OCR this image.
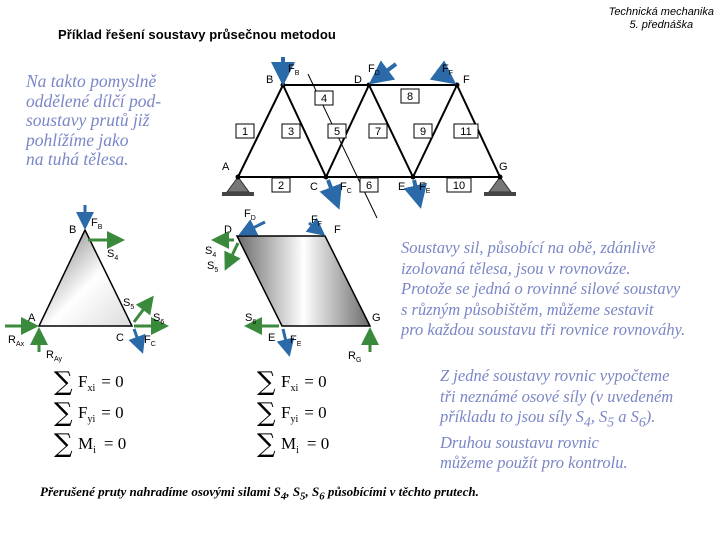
Příklad řešení soustavy průsečnou metodou
Technická mechanika
5. přednáška
Na takto pomyslně
oddělené dílčí pod-
soustavy prutů již
pohlížíme jako
na tuhá tělesa.
1
2
3
4
5
6
7
8
9
10
11
A
B
C
D
E
F
G
$F_B$	$F_D$	$F_F$
$F_C$	$F_E$
B
A
C
$F_B$
$S_4$
$S_5$
$S_6$
$F_C$
$R_{Ax}$
$R_{Ay}$
D	F
E
G
$F_D$	$F_F$
$S_4$
$S_5$
$S_6$
$F_E$
$R_G$
∑ $F_{xi} = 0$
∑ $F_{yi} = 0$
∑ $M_i = 0$
∑ $F_{xi} = 0$
∑ $F_{yi} = 0$
∑ $M_i = 0$
Soustavy sil, působící na obě, zdánlivě
izolovaná tělesa, jsou v rovnováze.
Protože se jedná o rovinné silové soustavy
s různým působištěm, můžeme sestavit
pro každou soustavu tři rovnice rovnováhy.
Z jedné soustavy rovnic vypočteme
tři neznámé osové síly (v uvedeném
příkladu to jsou síly $S_4$, $S_5$ a $S_6$).
Druhou soustavu rovnic
můžeme použít pro kontrolu.
Přerušené pruty nahradíme osovými silami $S_4$, $S_5$, $S_6$ působícími v těchto prutech.
